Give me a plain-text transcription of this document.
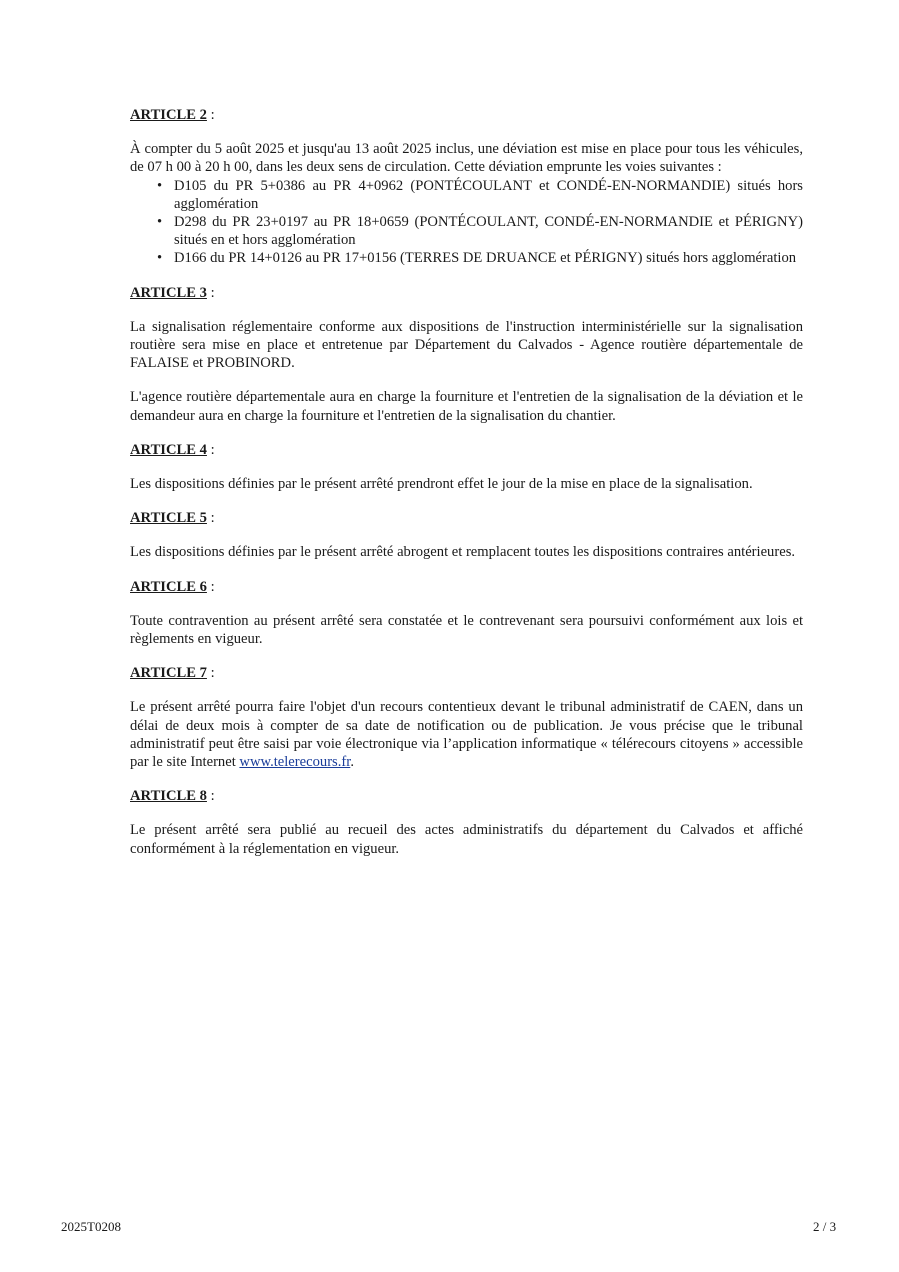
ARTICLE 2 :

À compter du 5 août 2025 et jusqu'au 13 août 2025 inclus, une déviation est mise en place pour tous les véhicules, de 07 h 00 à 20 h 00, dans les deux sens de circulation. Cette déviation emprunte les voies suivantes :

• D105 du PR 5+0386 au PR 4+0962 (PONTÉCOULANT et CONDÉ-EN-NORMANDIE) situés hors agglomération
• D298 du PR 23+0197 au PR 18+0659 (PONTÉCOULANT, CONDÉ-EN-NORMANDIE et PÉRIGNY) situés en et hors agglomération
• D166 du PR 14+0126 au PR 17+0156 (TERRES DE DRUANCE et PÉRIGNY) situés hors agglomération
ARTICLE 3 :

La signalisation réglementaire conforme aux dispositions de l'instruction interministérielle sur la signalisation routière sera mise en place et entretenue par Département du Calvados - Agence routière départementale de FALAISE et PROBINORD.

L'agence routière départementale aura en charge la fourniture et l'entretien de la signalisation de la déviation et le demandeur aura en charge la fourniture et l'entretien de la signalisation du chantier.

ARTICLE 4 :

Les dispositions définies par le présent arrêté prendront effet le jour de la mise en place de la signalisation.

ARTICLE 5 :

Les dispositions définies par le présent arrêté abrogent et remplacent toutes les dispositions contraires antérieures.

ARTICLE 6 :

Toute contravention au présent arrêté sera constatée et le contrevenant sera poursuivi conformément aux lois et règlements en vigueur.

ARTICLE 7 :

Le présent arrêté pourra faire l'objet d'un recours contentieux devant le tribunal administratif de CAEN, dans un délai de deux mois à compter de sa date de notification ou de publication. Je vous précise que le tribunal administratif peut être saisi par voie électronique via l’application informatique « télérecours citoyens » accessible par le site Internet www.telerecours.fr.

ARTICLE 8 :

Le présent arrêté sera publié au recueil des actes administratifs du département du Calvados et affiché conformément à la réglementation en vigueur.

2025T0208	2 / 3
